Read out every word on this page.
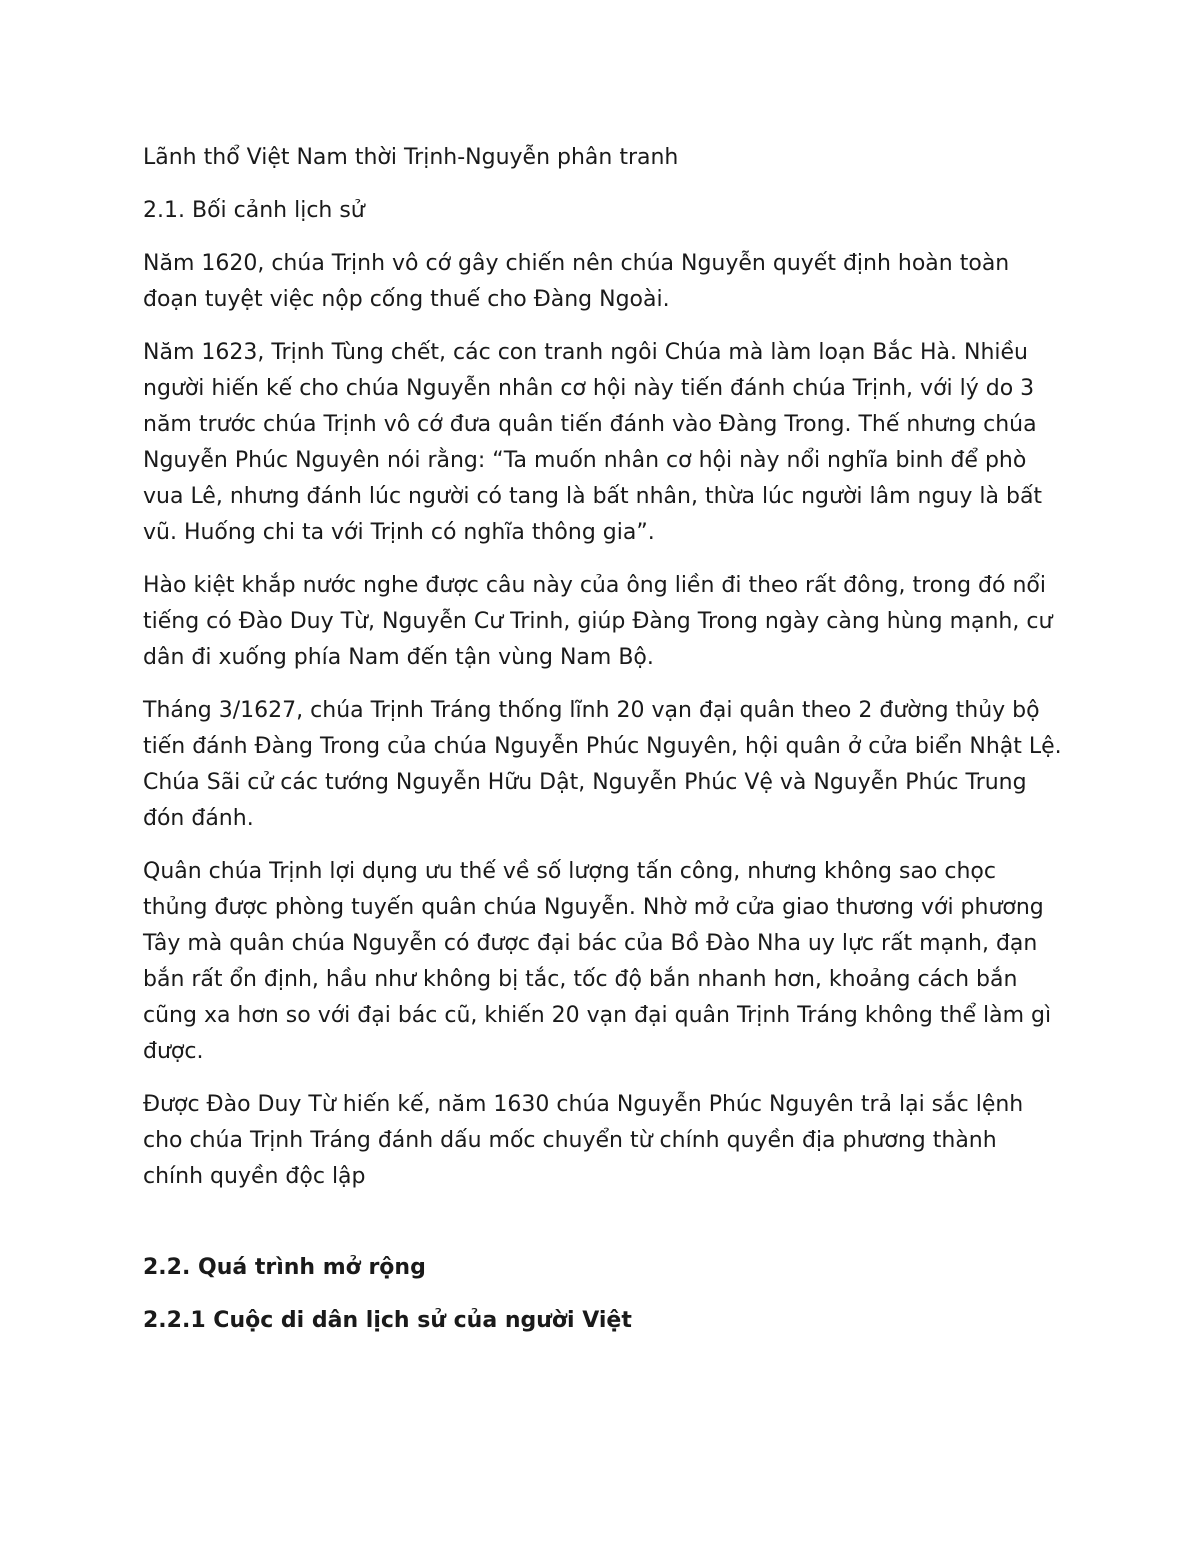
Lãnh thổ Việt Nam thời Trịnh-Nguyễn phân tranh

2.1. Bối cảnh lịch sử

Năm 1620, chúa Trịnh vô cớ gây chiến nên chúa Nguyễn quyết định hoàn toàn đoạn tuyệt việc nộp cống thuế cho Đàng Ngoài.

Năm 1623, Trịnh Tùng chết, các con tranh ngôi Chúa mà làm loạn Bắc Hà. Nhiều người hiến kế cho chúa Nguyễn nhân cơ hội này tiến đánh chúa Trịnh, với lý do 3 năm trước chúa Trịnh vô cớ đưa quân tiến đánh vào Đàng Trong. Thế nhưng chúa Nguyễn Phúc Nguyên nói rằng: “Ta muốn nhân cơ hội này nổi nghĩa binh để phò vua Lê, nhưng đánh lúc người có tang là bất nhân, thừa lúc người lâm nguy là bất vũ. Huống chi ta với Trịnh có nghĩa thông gia”.

Hào kiệt khắp nước nghe được câu này của ông liền đi theo rất đông, trong đó nổi tiếng có Đào Duy Từ, Nguyễn Cư Trinh, giúp Đàng Trong ngày càng hùng mạnh, cư dân đi xuống phía Nam đến tận vùng Nam Bộ.

Tháng 3/1627, chúa Trịnh Tráng thống lĩnh 20 vạn đại quân theo 2 đường thủy bộ tiến đánh Đàng Trong của chúa Nguyễn Phúc Nguyên, hội quân ở cửa biển Nhật Lệ. Chúa Sãi cử các tướng Nguyễn Hữu Dật, Nguyễn Phúc Vệ và Nguyễn Phúc Trung đón đánh.

Quân chúa Trịnh lợi dụng ưu thế về số lượng tấn công, nhưng không sao chọc thủng được phòng tuyến quân chúa Nguyễn. Nhờ mở cửa giao thương với phương Tây mà quân chúa Nguyễn có được đại bác của Bồ Đào Nha uy lực rất mạnh, đạn bắn rất ổn định, hầu như không bị tắc, tốc độ bắn nhanh hơn, khoảng cách bắn cũng xa hơn so với đại bác cũ, khiến 20 vạn đại quân Trịnh Tráng không thể làm gì được.

Được Đào Duy Từ hiến kế, năm 1630 chúa Nguyễn Phúc Nguyên trả lại sắc lệnh cho chúa Trịnh Tráng đánh dấu mốc chuyển từ chính quyền địa phương thành chính quyền độc lập

2.2. Quá trình mở rộng

2.2.1 Cuộc di dân lịch sử của người Việt
